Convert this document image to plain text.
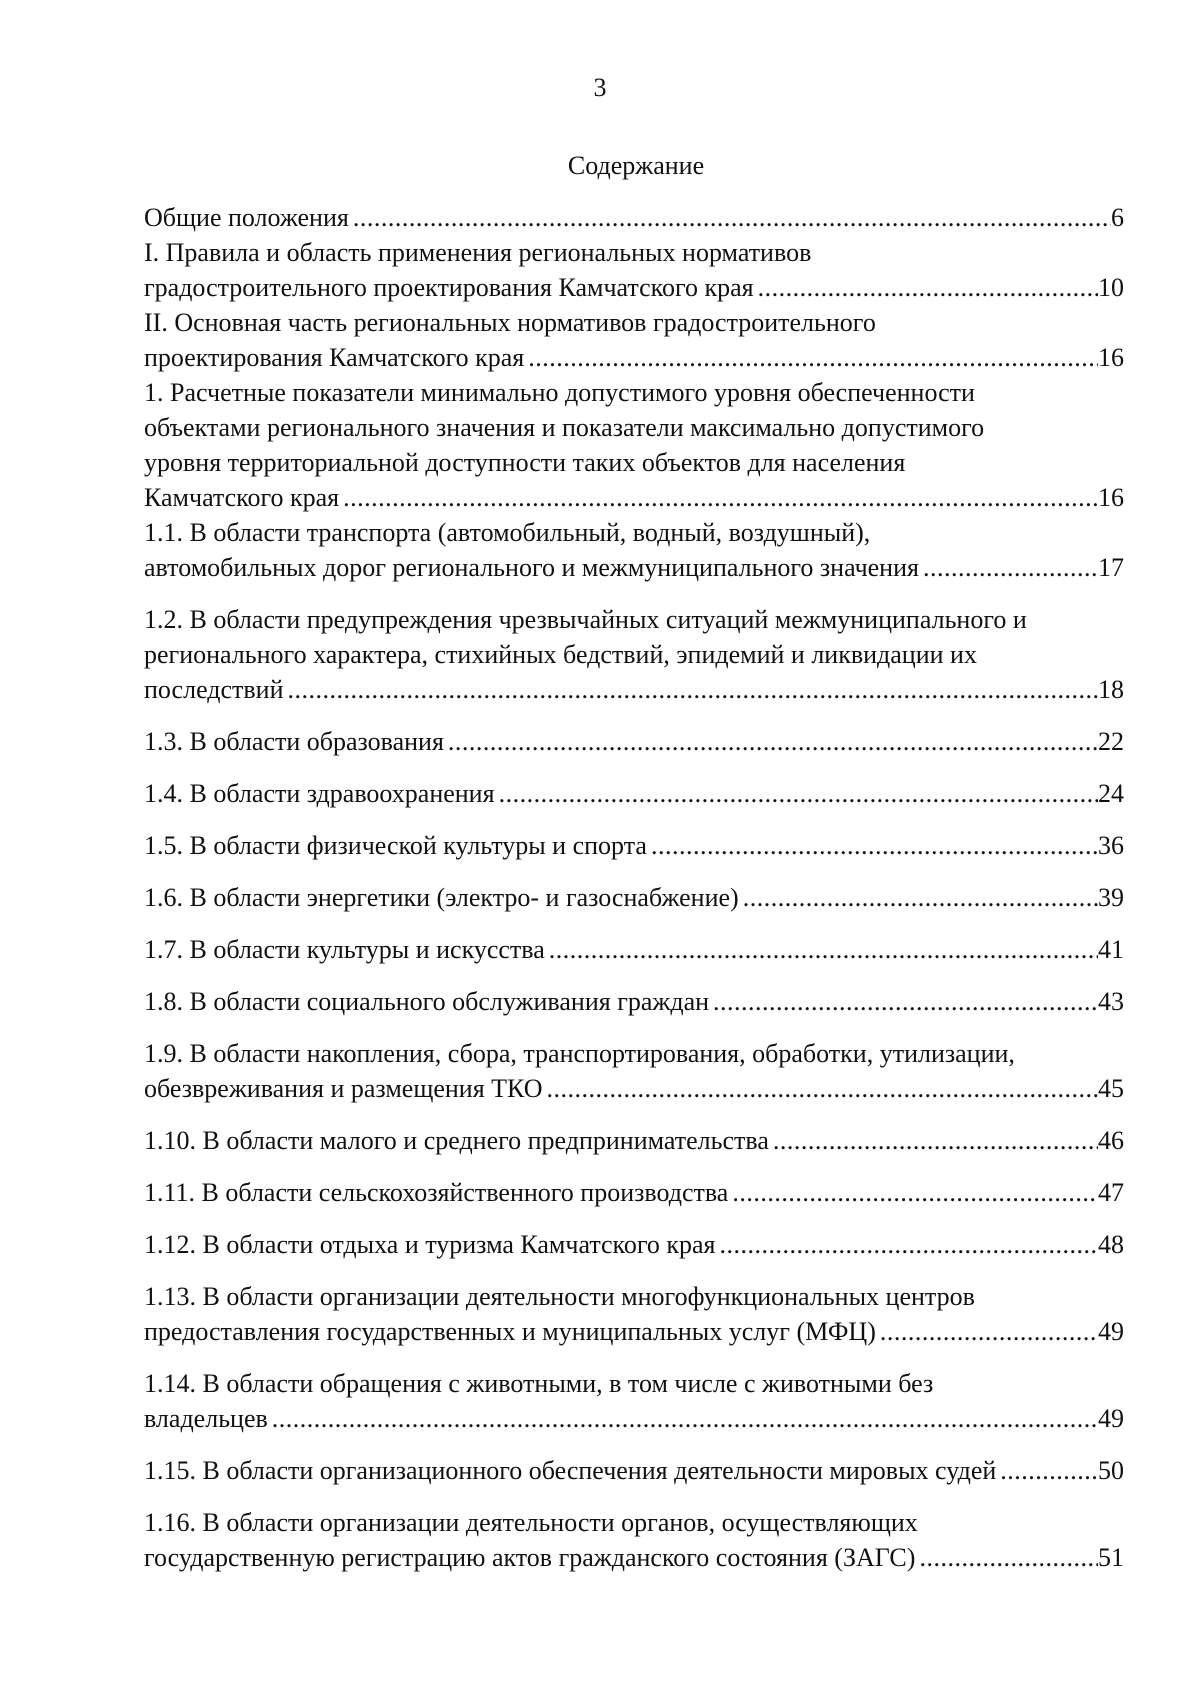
3
Содержание
Общие положения .....	6
I. Правила и область применения региональных нормативов
градостроительного проектирования Камчатского края .....	10
II. Основная часть региональных нормативов градостроительного
проектирования Камчатского края .....	16
1. Расчетные показатели минимально допустимого уровня обеспеченности
объектами регионального значения и показатели максимально допустимого
уровня территориальной доступности таких объектов для населения
Камчатского края .....	16
1.1. В области транспорта (автомобильный, водный, воздушный),
автомобильных дорог регионального и межмуниципального значения .....	17
1.2. В области предупреждения чрезвычайных ситуаций межмуниципального и
регионального характера, стихийных бедствий, эпидемий и ликвидации их
последствий .....	18
1.3. В области образования .....	22
1.4. В области здравоохранения .....	24
1.5. В области физической культуры и спорта .....	36
1.6. В области энергетики (электро- и газоснабжение) .....	39
1.7. В области культуры и искусства .....	41
1.8. В области социального обслуживания граждан .....	43
1.9. В области накопления, сбора, транспортирования, обработки, утилизации,
обезвреживания и размещения ТКО .....	45
1.10. В области малого и среднего предпринимательства .....	46
1.11. В области сельскохозяйственного производства .....	47
1.12. В области отдыха и туризма Камчатского края .....	48
1.13. В области организации деятельности многофункциональных центров
предоставления государственных и муниципальных услуг (МФЦ) .....	49
1.14. В области обращения с животными, в том числе с животными без
владельцев .....	49
1.15. В области организационного обеспечения деятельности мировых судей .....	50
1.16. В области организации деятельности органов, осуществляющих
государственную регистрацию актов гражданского состояния (ЗАГС) .....	51
